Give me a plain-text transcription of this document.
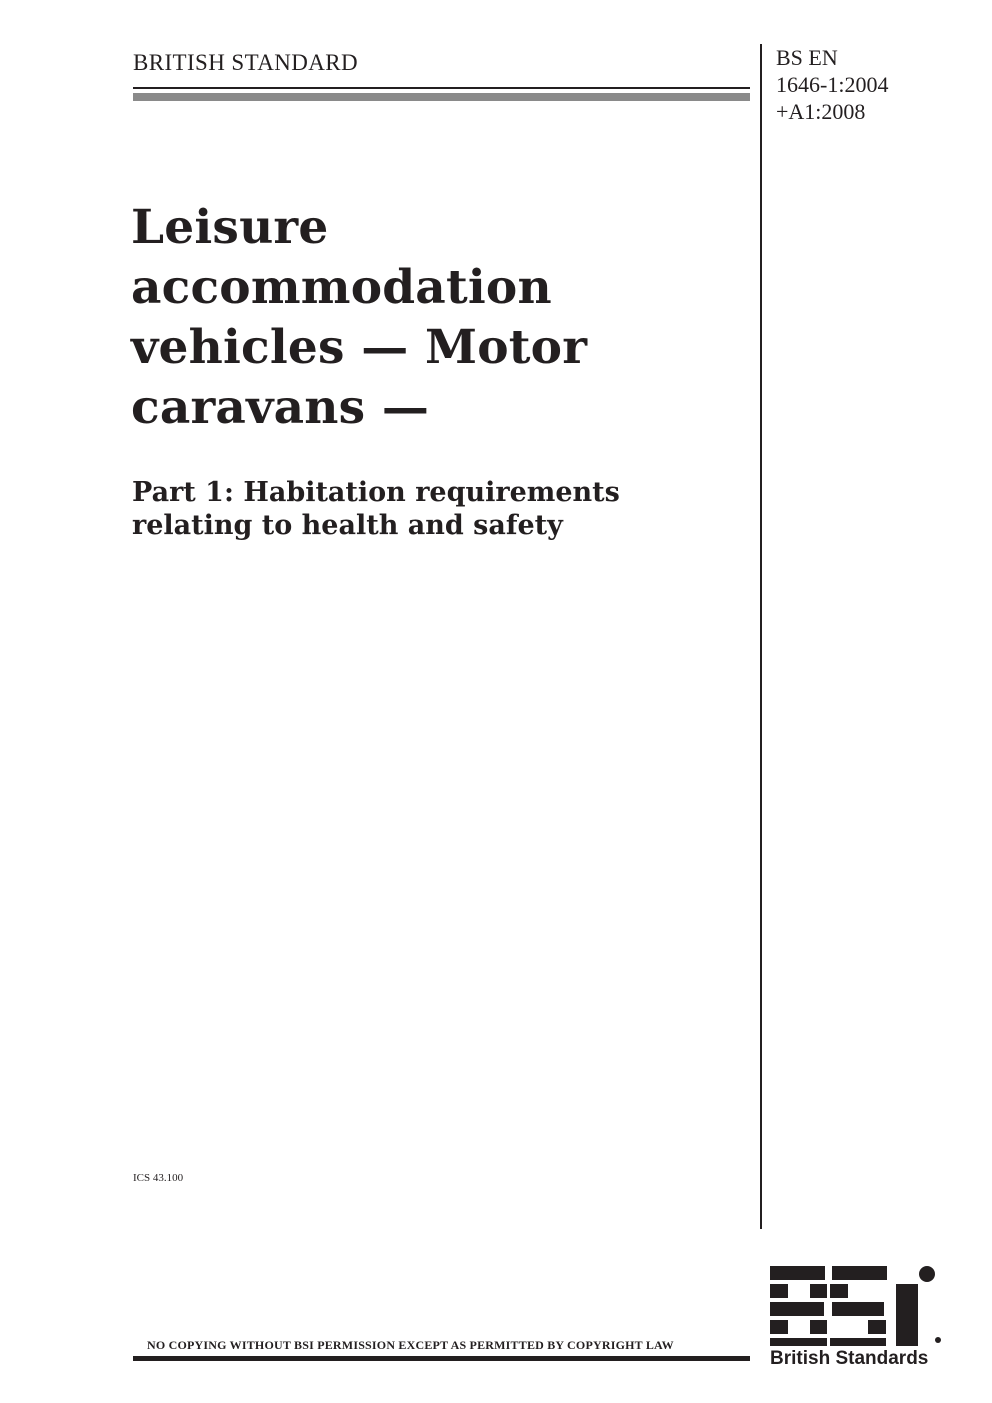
BRITISH STANDARD	BS EN
1646-1:2004
+A1:2008
Leisure
accommodation
vehicles — Motor
caravans —
Part 1: Habitation requirements
relating to health and safety
ICS 43.100
NO COPYING WITHOUT BSI PERMISSION EXCEPT AS PERMITTED BY COPYRIGHT LAW
British Standards
